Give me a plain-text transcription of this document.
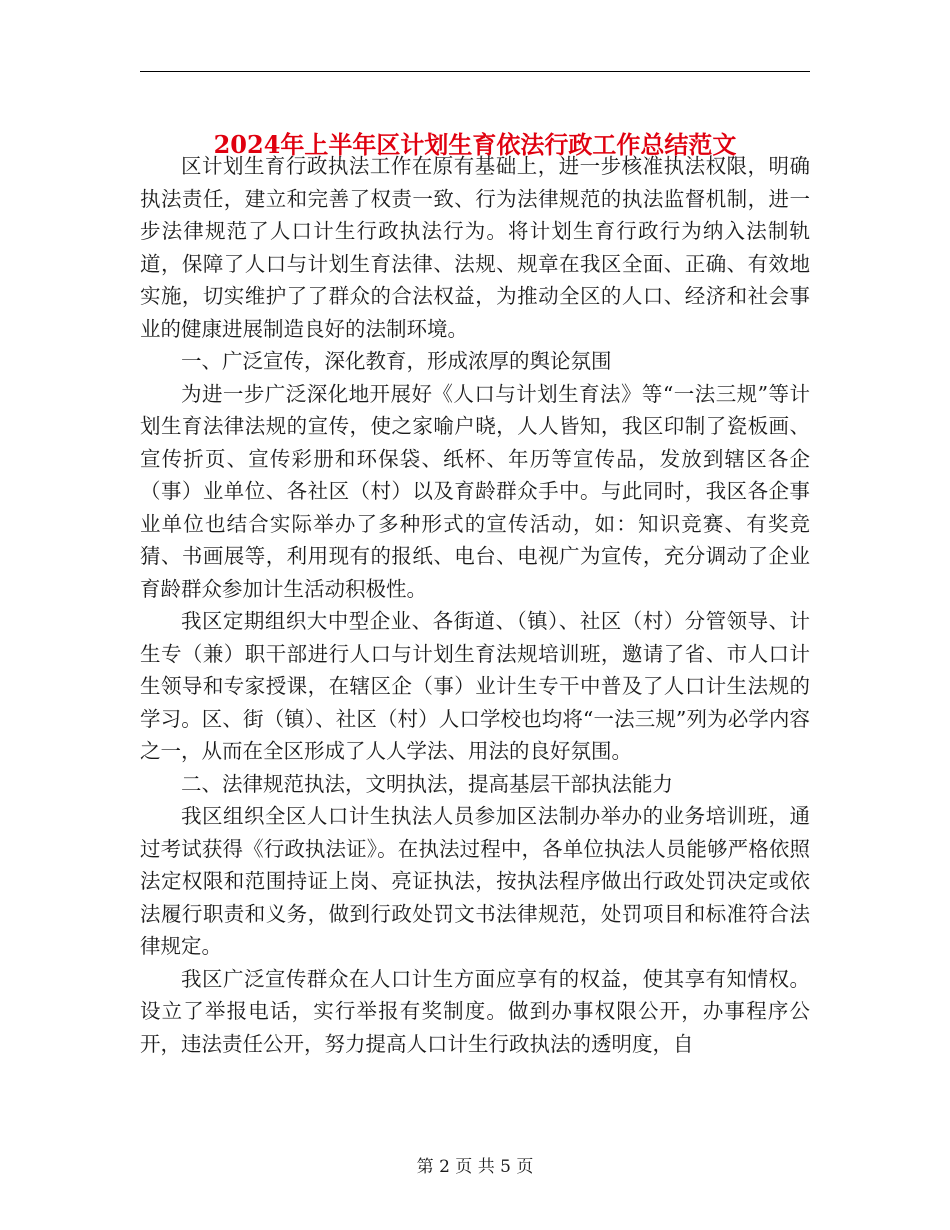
2024年上半年区计划生育依法行政工作总结范文

区计划生育行政执法工作在原有基础上，进一步核准执法权限，明确执法责任，建立和完善了权责一致、行为法律规范的执法监督机制，进一步法律规范了人口计生行政执法行为。将计划生育行政行为纳入法制轨道，保障了人口与计划生育法律、法规、规章在我区全面、正确、有效地实施，切实维护了了群众的合法权益，为推动全区的人口、经济和社会事业的健康进展制造良好的法制环境。

一、广泛宣传，深化教育，形成浓厚的舆论氛围

为进一步广泛深化地开展好《人口与计划生育法》等“一法三规”等计划生育法律法规的宣传，使之家喻户晓，人人皆知，我区印制了瓷板画、宣传折页、宣传彩册和环保袋、纸杯、年历等宣传品，发放到辖区各企（事）业单位、各社区（村）以及育龄群众手中。与此同时，我区各企事业单位也结合实际举办了多种形式的宣传活动，如：知识竞赛、有奖竞猜、书画展等，利用现有的报纸、电台、电视广为宣传，充分调动了企业育龄群众参加计生活动积极性。

我区定期组织大中型企业、各街道、（镇）、社区（村）分管领导、计生专（兼）职干部进行人口与计划生育法规培训班，邀请了省、市人口计生领导和专家授课，在辖区企（事）业计生专干中普及了人口计生法规的学习。区、街（镇）、社区（村）人口学校也均将“一法三规”列为必学内容之一，从而在全区形成了人人学法、用法的良好氛围。

二、法律规范执法，文明执法，提高基层干部执法能力

我区组织全区人口计生执法人员参加区法制办举办的业务培训班，通过考试获得《行政执法证》。在执法过程中，各单位执法人员能够严格依照法定权限和范围持证上岗、亮证执法，按执法程序做出行政处罚决定或依法履行职责和义务，做到行政处罚文书法律规范，处罚项目和标准符合法律规定。

我区广泛宣传群众在人口计生方面应享有的权益，使其享有知情权。设立了举报电话，实行举报有奖制度。做到办事权限公开，办事程序公开，违法责任公开，努力提高人口计生行政执法的透明度，自

第 2 页 共 5 页
